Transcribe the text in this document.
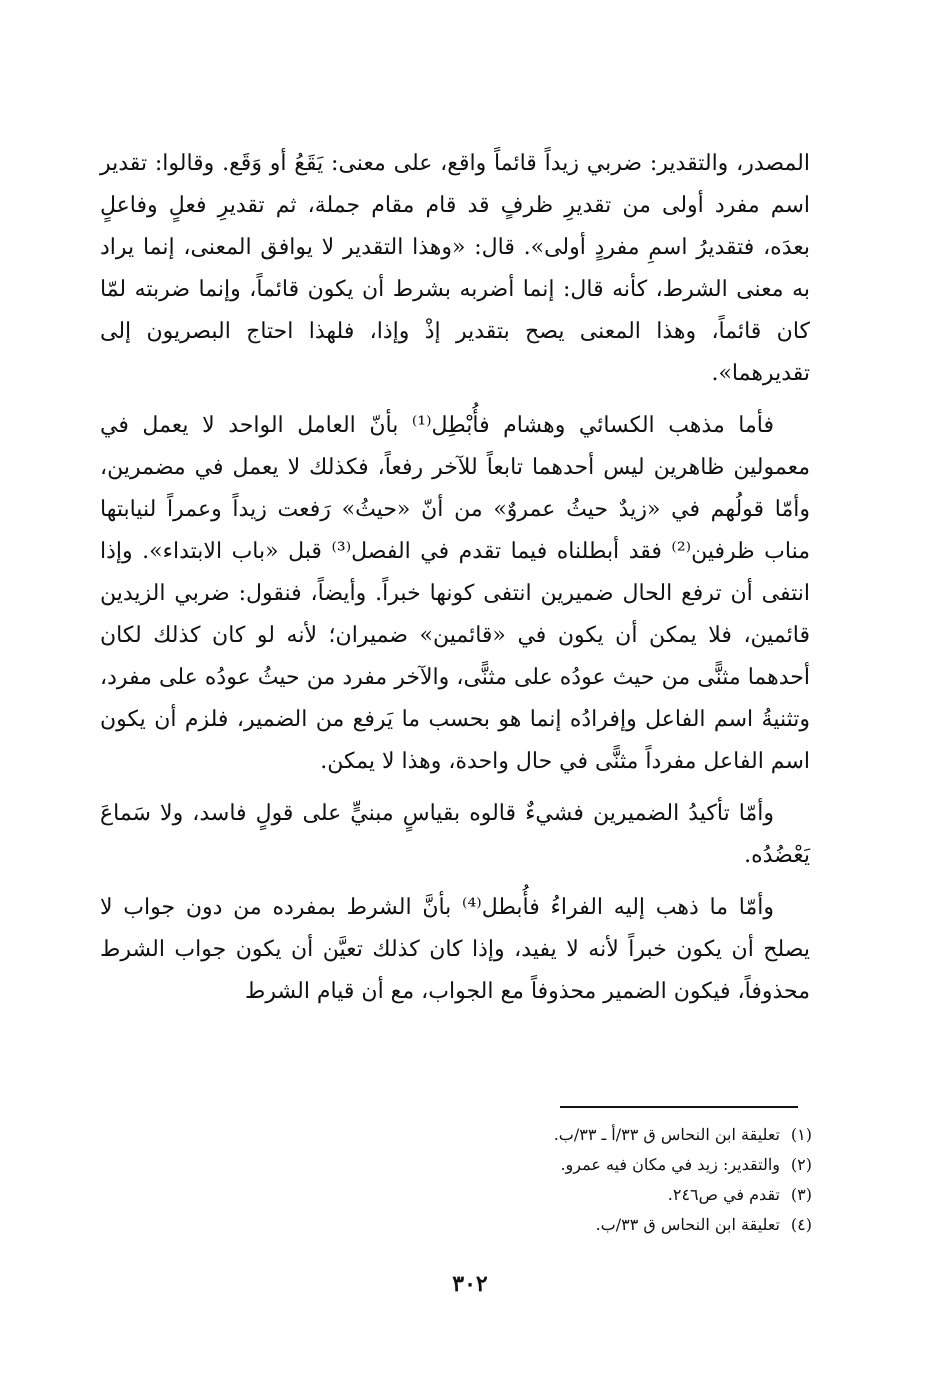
المصدر، والتقدير: ضربي زيداً قائماً واقع، على معنى: يَقَعُ أو وَقَع. وقالوا: تقدير اسم مفرد أولى من تقديرِ ظرفٍ قد قام مقام جملة، ثم تقديرِ فعلٍ وفاعلٍ بعدَه، فتقديرُ اسمِ مفردٍ أولى». قال: «وهذا التقدير لا يوافق المعنى، إنما يراد به معنى الشرط، كأنه قال: إنما أضربه بشرط أن يكون قائماً، وإنما ضربته لمّا كان قائماً، وهذا المعنى يصح بتقدير إذْ وإذا، فلهذا احتاج البصريون إلى تقديرهما».

فأما مذهب الكسائي وهشام فأُبْطِل⁽¹⁾ بأنّ العامل الواحد لا يعمل في معمولين ظاهرين ليس أحدهما تابعاً للآخر رفعاً، فكذلك لا يعمل في مضمرين، وأمّا قولُهم في «زيدٌ حيثُ عمروٌ» من أنّ «حيثُ» رَفعت زيداً وعمراً لنيابتها مناب ظرفين⁽²⁾ فقد أبطلناه فيما تقدم في الفصل⁽³⁾ قبل «باب الابتداء». وإذا انتفى أن ترفع الحال ضميرين انتفى كونها خبراً. وأيضاً، فنقول: ضربي الزيدين قائمين، فلا يمكن أن يكون في «قائمين» ضميران؛ لأنه لو كان كذلك لكان أحدهما مثنًّى من حيث عودُه على مثنًّى، والآخر مفرد من حيثُ عودُه على مفرد، وتثنيةُ اسم الفاعل وإفرادُه إنما هو بحسب ما يَرفع من الضمير، فلزم أن يكون اسم الفاعل مفرداً مثنًّى في حال واحدة، وهذا لا يمكن.

وأمّا تأكيدُ الضميرين فشيءٌ قالوه بقياسٍ مبنيٍّ على قولٍ فاسد، ولا سَماعَ يَعْضُدُه.

وأمّا ما ذهب إليه الفراءُ فأُبطل⁽⁴⁾ بأنَّ الشرط بمفرده من دون جواب لا يصلح أن يكون خبراً لأنه لا يفيد، وإذا كان كذلك تعيَّن أن يكون جواب الشرط محذوفاً، فيكون الضمير محذوفاً مع الجواب، مع أن قيام الشرط

(١)
تعليقة ابن النحاس ق ٣٣/أ ـ ٣٣/ب.
(٢)
والتقدير: زيد في مكان فيه عمرو.
(٣)
تقدم في ص٢٤٦.
(٤)
تعليقة ابن النحاس ق ٣٣/ب.
٣٠٢
